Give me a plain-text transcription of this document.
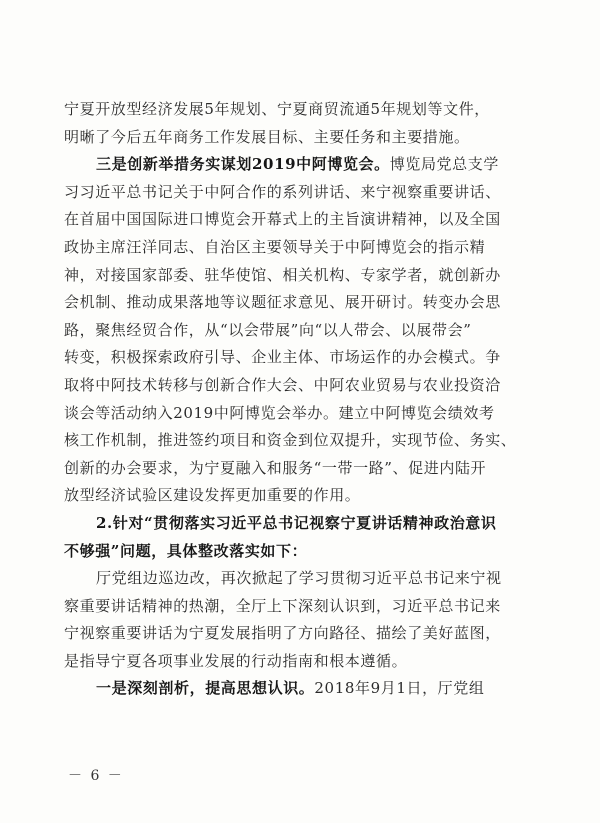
宁夏开放型经济发展5年规划、宁夏商贸流通5年规划等文件，
明晰了今后五年商务工作发展目标、主要任务和主要措施。
三是创新举措务实谋划2019中阿博览会。博览局党总支学
习习近平总书记关于中阿合作的系列讲话、来宁视察重要讲话、
在首届中国国际进口博览会开幕式上的主旨演讲精神，以及全国
政协主席汪洋同志、自治区主要领导关于中阿博览会的指示精
神，对接国家部委、驻华使馆、相关机构、专家学者，就创新办
会机制、推动成果落地等议题征求意见、展开研讨。转变办会思
路，聚焦经贸合作，从“以会带展”向“以人带会、以展带会”
转变，积极探索政府引导、企业主体、市场运作的办会模式。争
取将中阿技术转移与创新合作大会、中阿农业贸易与农业投资洽
谈会等活动纳入2019中阿博览会举办。建立中阿博览会绩效考
核工作机制，推进签约项目和资金到位双提升，实现节俭、务实、
创新的办会要求，为宁夏融入和服务“一带一路”、促进内陆开
放型经济试验区建设发挥更加重要的作用。
2.针对“贯彻落实习近平总书记视察宁夏讲话精神政治意识
不够强”问题，具体整改落实如下：
厅党组边巡边改，再次掀起了学习贯彻习近平总书记来宁视
察重要讲话精神的热潮，全厅上下深刻认识到，习近平总书记来
宁视察重要讲话为宁夏发展指明了方向路径、描绘了美好蓝图，
是指导宁夏各项事业发展的行动指南和根本遵循。
一是深刻剖析，提高思想认识。2018年9月1日，厅党组
－ 6 －
